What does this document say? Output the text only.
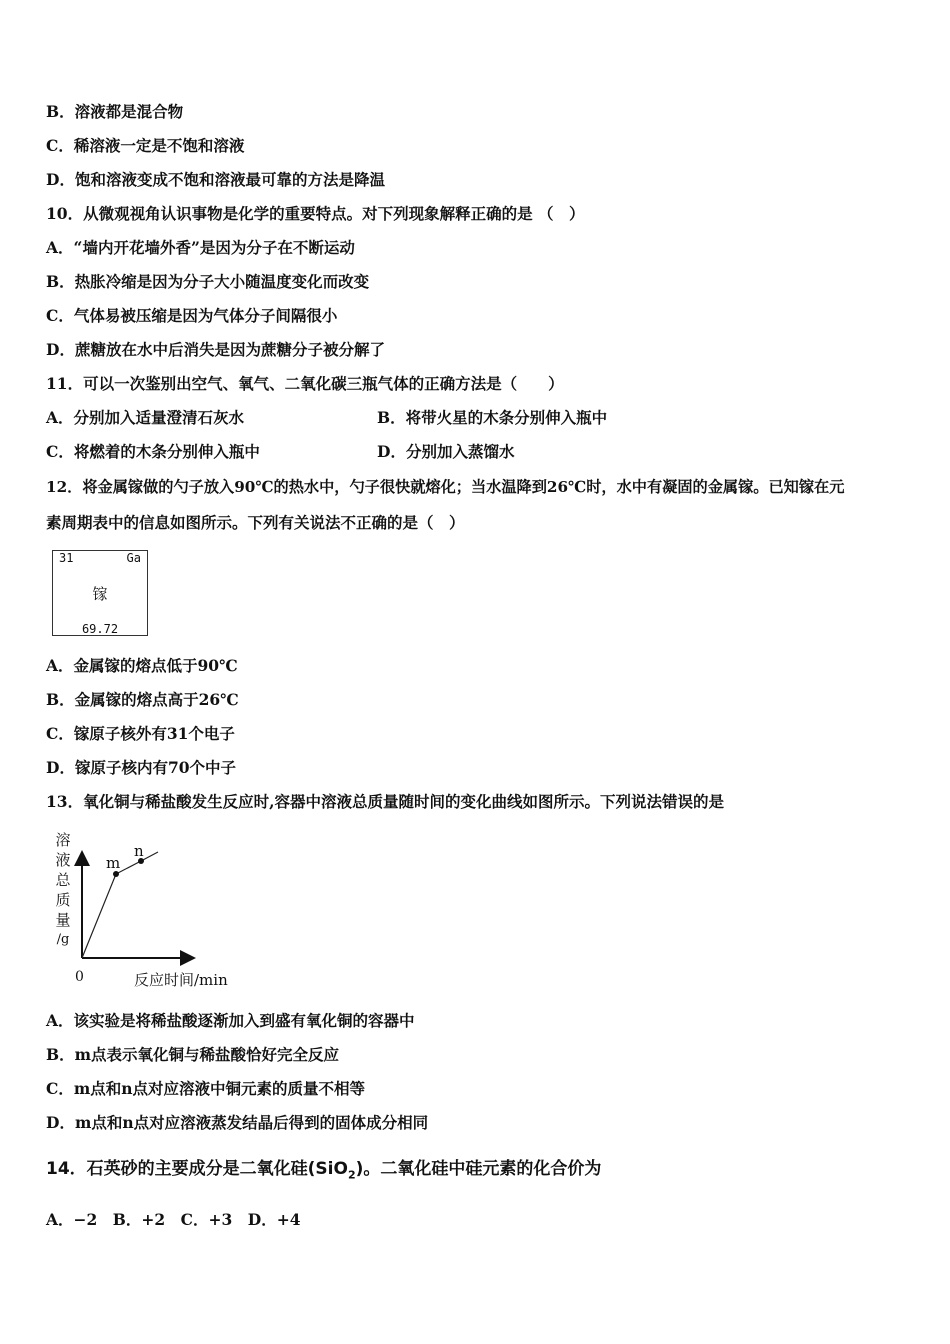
B．溶液都是混合物
C．稀溶液一定是不饱和溶液
D．饱和溶液变成不饱和溶液最可靠的方法是降温
10．从微观视角认识事物是化学的重要特点。对下列现象解释正确的是 （　）
A．“墙内开花墙外香”是因为分子在不断运动
B．热胀冷缩是因为分子大小随温度变化而改变
C．气体易被压缩是因为气体分子间隔很小
D．蔗糖放在水中后消失是因为蔗糖分子被分解了
11．可以一次鉴别出空气、氧气、二氧化碳三瓶气体的正确方法是（　　）
A．分别加入适量澄清石灰水	B．将带火星的木条分别伸入瓶中
C．将燃着的木条分别伸入瓶中	D．分别加入蒸馏水
12．将金属镓做的勺子放入90℃的热水中，勺子很快就熔化；当水温降到26℃时，水中有凝固的金属镓。已知镓在元
素周期表中的信息如图所示。下列有关说法不正确的是（　）
31	Ga
镓
69.72
A．金属镓的熔点低于90℃
B．金属镓的熔点高于26℃
C．镓原子核外有31个电子
D．镓原子核内有70个中子
13．氧化铜与稀盐酸发生反应时,容器中溶液总质量随时间的变化曲线如图所示。下列说法错误的是
溶
液
总
质
量
/g
m
n
0	反应时间/min
A．该实验是将稀盐酸逐渐加入到盛有氧化铜的容器中
B．m点表示氧化铜与稀盐酸恰好完全反应
C．m点和n点对应溶液中铜元素的质量不相等
D．m点和n点对应溶液蒸发结晶后得到的固体成分相同
14．石英砂的主要成分是二氧化硅(SiO$_2$)。二氧化硅中硅元素的化合价为
A．−2　B．+2　C．+3　D．+4
